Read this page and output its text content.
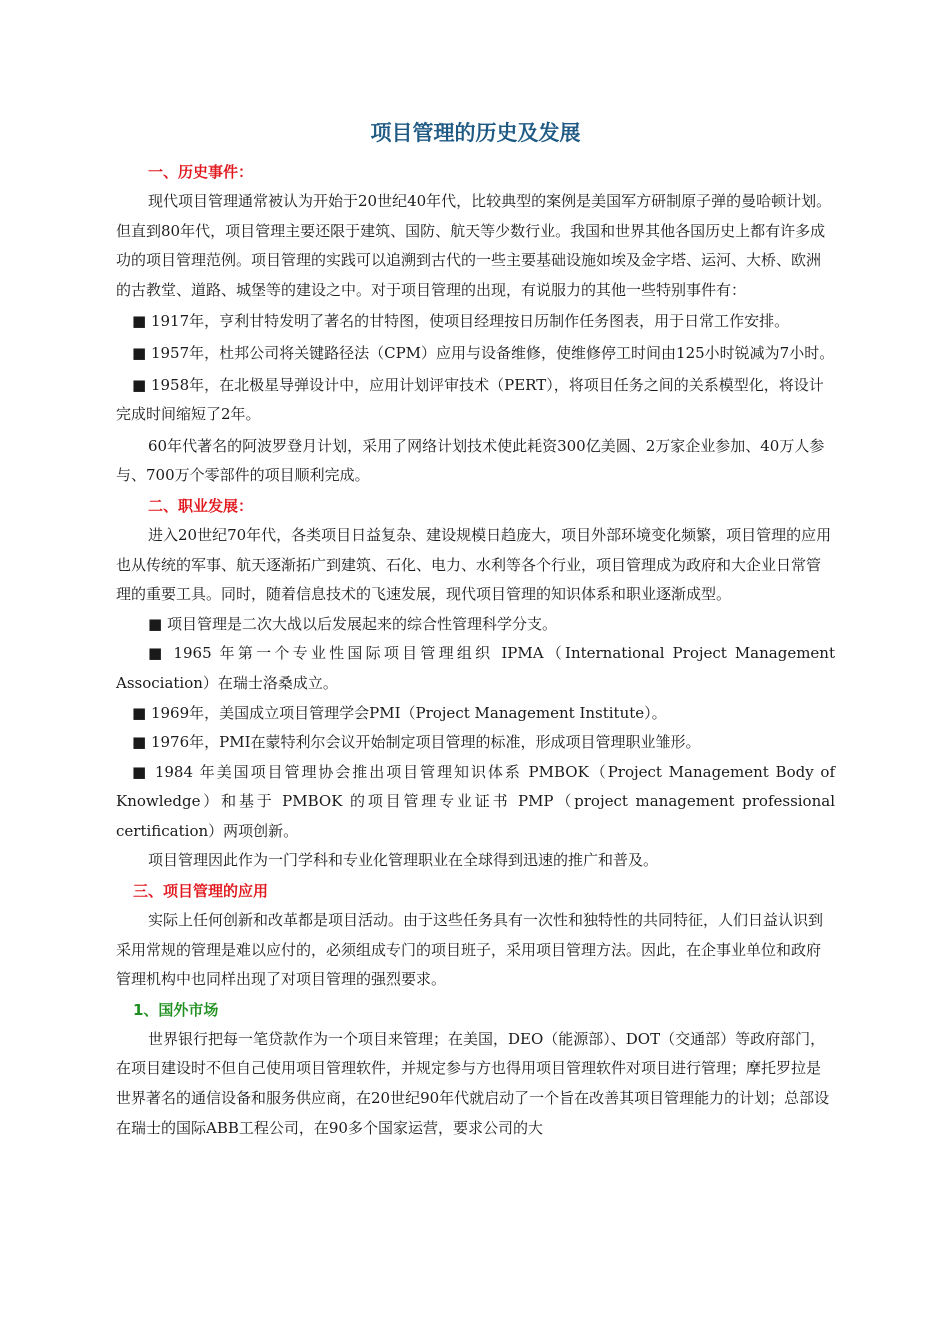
项目管理的历史及发展
一、历史事件：

现代项目管理通常被认为开始于20世纪40年代，比较典型的案例是美国军方研制原子弹的曼哈顿计划。但直到80年代，项目管理主要还限于建筑、国防、航天等少数行业。我国和世界其他各国历史上都有许多成功的项目管理范例。项目管理的实践可以追溯到古代的一些主要基础设施如埃及金字塔、运河、大桥、欧洲的古教堂、道路、城堡等的建设之中。对于项目管理的出现，有说服力的其他一些特别事件有：

■ 1917年，亨利甘特发明了著名的甘特图，使项目经理按日历制作任务图表，用于日常工作安排。

■ 1957年，杜邦公司将关键路径法（CPM）应用与设备维修，使维修停工时间由125小时锐减为7小时。

■ 1958年，在北极星导弹设计中，应用计划评审技术（PERT），将项目任务之间的关系模型化，将设计完成时间缩短了2年。

60年代著名的阿波罗登月计划，采用了网络计划技术使此耗资300亿美圆、2万家企业参加、40万人参与、700万个零部件的项目顺利完成。

二、职业发展：

进入20世纪70年代，各类项目日益复杂、建设规模日趋庞大，项目外部环境变化频繁，项目管理的应用也从传统的军事、航天逐渐拓广到建筑、石化、电力、水利等各个行业，项目管理成为政府和大企业日常管理的重要工具。同时，随着信息技术的飞速发展，现代项目管理的知识体系和职业逐渐成型。

■ 项目管理是二次大战以后发展起来的综合性管理科学分支。

■ 1965 年第一个专业性国际项目管理组织 IPMA（International Project Management Association）在瑞士洛桑成立。

■ 1969年，美国成立项目管理学会PMI（Project Management Institute）。

■ 1976年，PMI在蒙特利尔会议开始制定项目管理的标准，形成项目管理职业雏形。

■ 1984 年美国项目管理协会推出项目管理知识体系 PMBOK（Project Management Body of Knowledge）和基于 PMBOK 的项目管理专业证书 PMP（project management professional certification）两项创新。

项目管理因此作为一门学科和专业化管理职业在全球得到迅速的推广和普及。

三、项目管理的应用

实际上任何创新和改革都是项目活动。由于这些任务具有一次性和独特性的共同特征，人们日益认识到采用常规的管理是难以应付的，必须组成专门的项目班子，采用项目管理方法。因此，在企事业单位和政府管理机构中也同样出现了对项目管理的强烈要求。

1、国外市场

世界银行把每一笔贷款作为一个项目来管理；在美国，DEO（能源部）、DOT（交通部）等政府部门，在项目建设时不但自己使用项目管理软件，并规定参与方也得用项目管理软件对项目进行管理；摩托罗拉是世界著名的通信设备和服务供应商，在20世纪90年代就启动了一个旨在改善其项目管理能力的计划；总部设在瑞士的国际ABB工程公司，在90多个国家运营，要求公司的大
